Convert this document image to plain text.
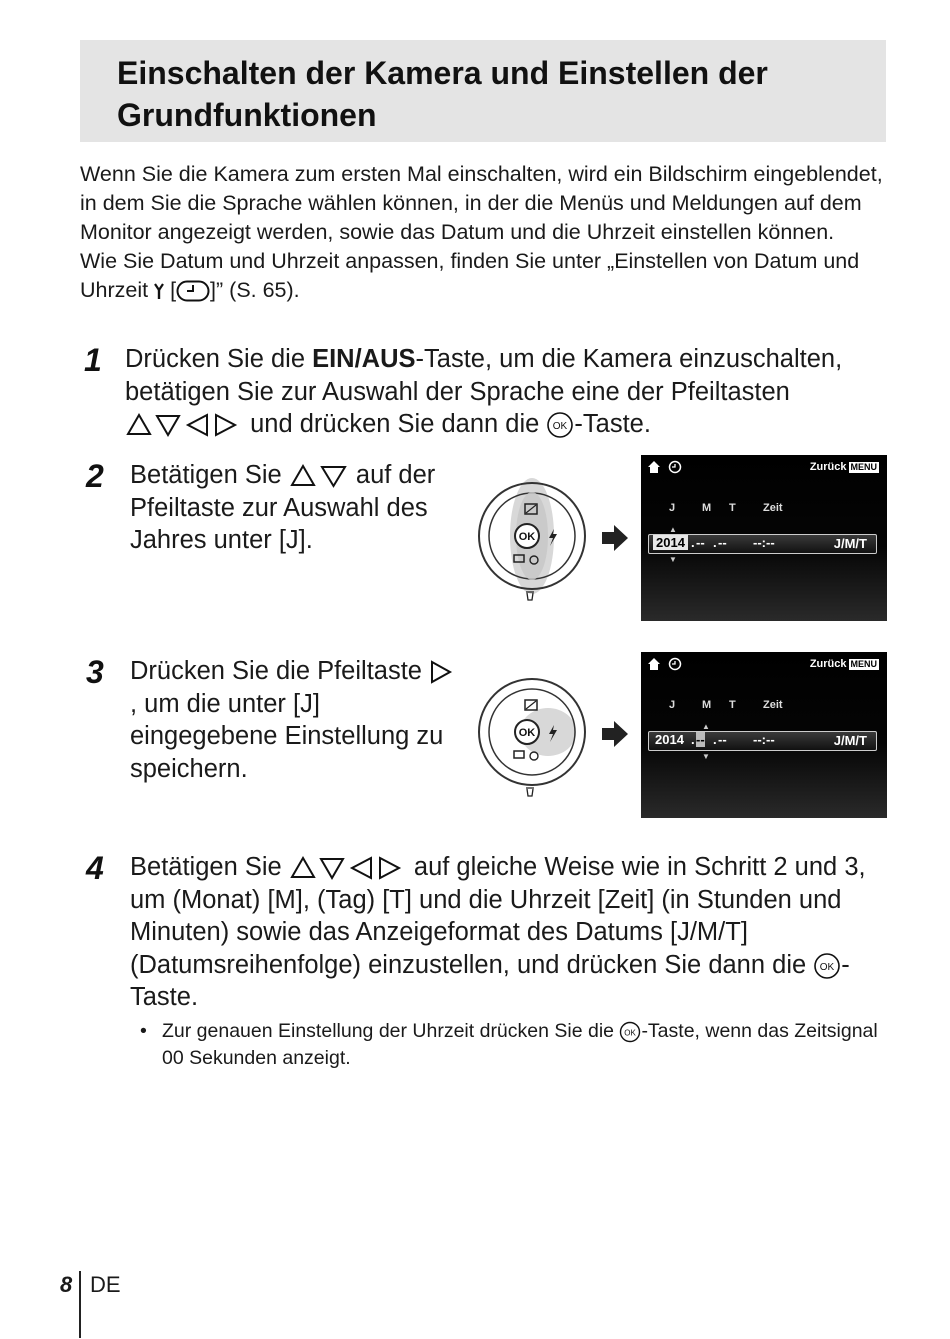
Einschalten der Kamera und Einstellen der Grundfunktionen

Wenn Sie die Kamera zum ersten Mal einschalten, wird ein Bildschirm eingeblendet, in dem Sie die Sprache wählen können, in der die Menüs und Meldungen auf dem Monitor angezeigt werden, sowie das Datum und die Uhrzeit einstellen können.

Wie Sie Datum und Uhrzeit anpassen, finden Sie unter „Einstellen von Datum und Uhrzeit  [ ]” (S. 65).

1 Drücken Sie die EIN/AUS-Taste, um die Kamera einzuschalten, betätigen Sie zur Auswahl der Sprache eine der Pfeiltasten  und drücken Sie dann die OK -Taste.
2 Betätigen Sie	auf der Pfeiltaste zur Auswahl des Jahres unter [J].	OK
Zurück MENU
J M T Zeit
▲
2014 . -- . -- --:--	J/M/T
▼
3 Drücken Sie die Pfeiltaste , um die unter [J] eingegebene Einstellung zu speichern.
OK
Zurück MENU
J M T Zeit
▲
2014 . -- . -- --:--	J/M/T
▼
4 Betätigen Sie	auf gleiche Weise wie in Schritt 2 und 3, um (Monat) [M], (Tag) [T] und die Uhrzeit [Zeit] (in Stunden und Minuten) sowie das Anzeigeformat des Datums [J/M/T] (Datumsreihenfolge) einzustellen, und drücken Sie dann die OK -Taste.
• Zur genauen Einstellung der Uhrzeit drücken Sie die OK -Taste, wenn das Zeitsignal 00 Sekunden anzeigt.
8 DE
